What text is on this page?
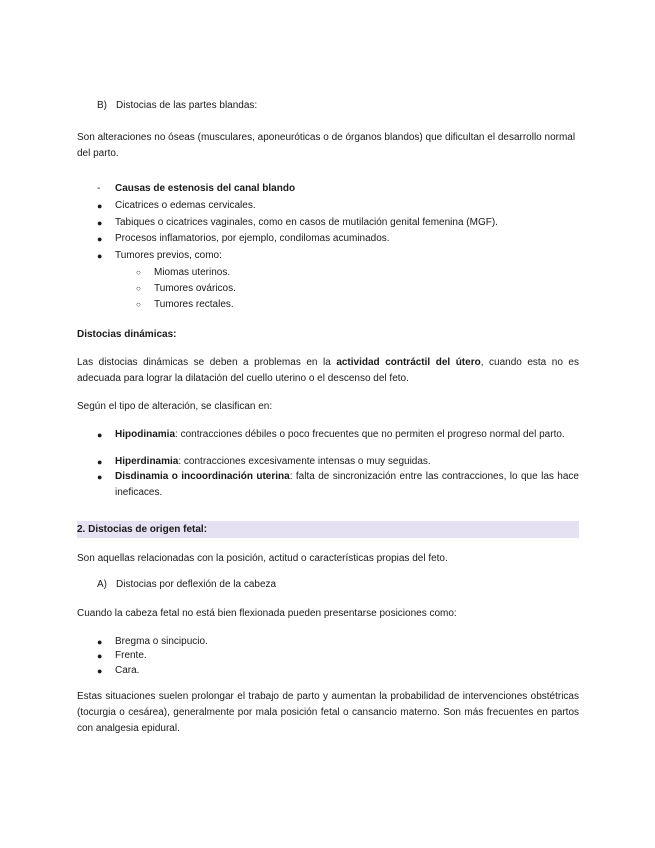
B) Distocias de las partes blandas:

Son alteraciones no óseas (musculares, aponeuróticas o de órganos blandos) que dificultan el desarrollo normal del parto.

-	Causas de estenosis del canal blando
●	Cicatrices o edemas cervicales.
●	Tabiques o cicatrices vaginales, como en casos de mutilación genital femenina (MGF).
●	Procesos inflamatorios, por ejemplo, condilomas acuminados.
●	Tumores previos, como:
○ Miomas uterinos.
○ Tumores ováricos.
○ Tumores rectales.

Distocias dinámicas:

Las distocias dinámicas se deben a problemas en la actividad contráctil del útero, cuando esta no es adecuada para lograr la dilatación del cuello uterino o el descenso del feto.

Según el tipo de alteración, se clasifican en:

●	Hipodinamia: contracciones débiles o poco frecuentes que no permiten el progreso normal del parto.
●	Hiperdinamia: contracciones excesivamente intensas o muy seguidas.
●	Disdinamia o incoordinación uterina: falta de sincronización entre las contracciones, lo que las hace ineficaces.
2. Distocias de origen fetal:

Son aquellas relacionadas con la posición, actitud o características propias del feto.

A) Distocias por deflexión de la cabeza

Cuando la cabeza fetal no está bien flexionada pueden presentarse posiciones como:

●	Bregma o sincipucio.
●	Frente.
●	Cara.

Estas situaciones suelen prolongar el trabajo de parto y aumentan la probabilidad de intervenciones obstétricas (tocurgia o cesárea), generalmente por mala posición fetal o cansancio materno. Son más frecuentes en partos con analgesia epidural.
